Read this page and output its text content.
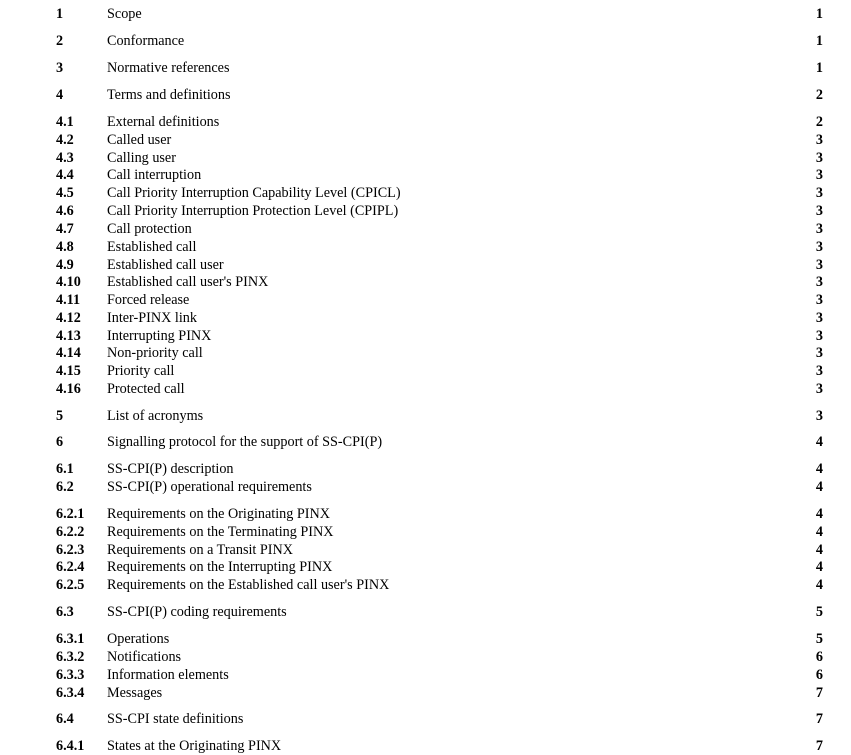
1	Scope	1
2	Conformance	1
3	Normative references	1
4	Terms and definitions	2
4.1 External definitions	2
4.2 Called user	3
4.3 Calling user	3
4.4 Call interruption	3
4.5 Call Priority Interruption Capability Level (CPICL)	3
4.6 Call Priority Interruption Protection Level (CPIPL)	3
4.7 Call protection	3
4.8 Established call	3
4.9 Established call user	3
4.10 Established call user's PINX	3
4.11 Forced release	3
4.12 Inter-PINX link	3
4.13 Interrupting PINX	3
4.14 Non-priority call	3
4.15 Priority call	3
4.16 Protected call	3
5	List of acronyms	3
6	Signalling protocol for the support of SS-CPI(P)	4
6.1 SS-CPI(P) description	4
6.2 SS-CPI(P) operational requirements	4
6.2.1 Requirements on the Originating PINX	4
6.2.2 Requirements on the Terminating PINX	4
6.2.3 Requirements on a Transit PINX	4
6.2.4 Requirements on the Interrupting PINX	4
6.2.5 Requirements on the Established call user's PINX	4
6.3 SS-CPI(P) coding requirements	5
6.3.1 Operations	5
6.3.2 Notifications	6
6.3.3 Information elements	6
6.3.4 Messages	7
6.4 SS-CPI state definitions	7
6.4.1 States at the Originating PINX	7
